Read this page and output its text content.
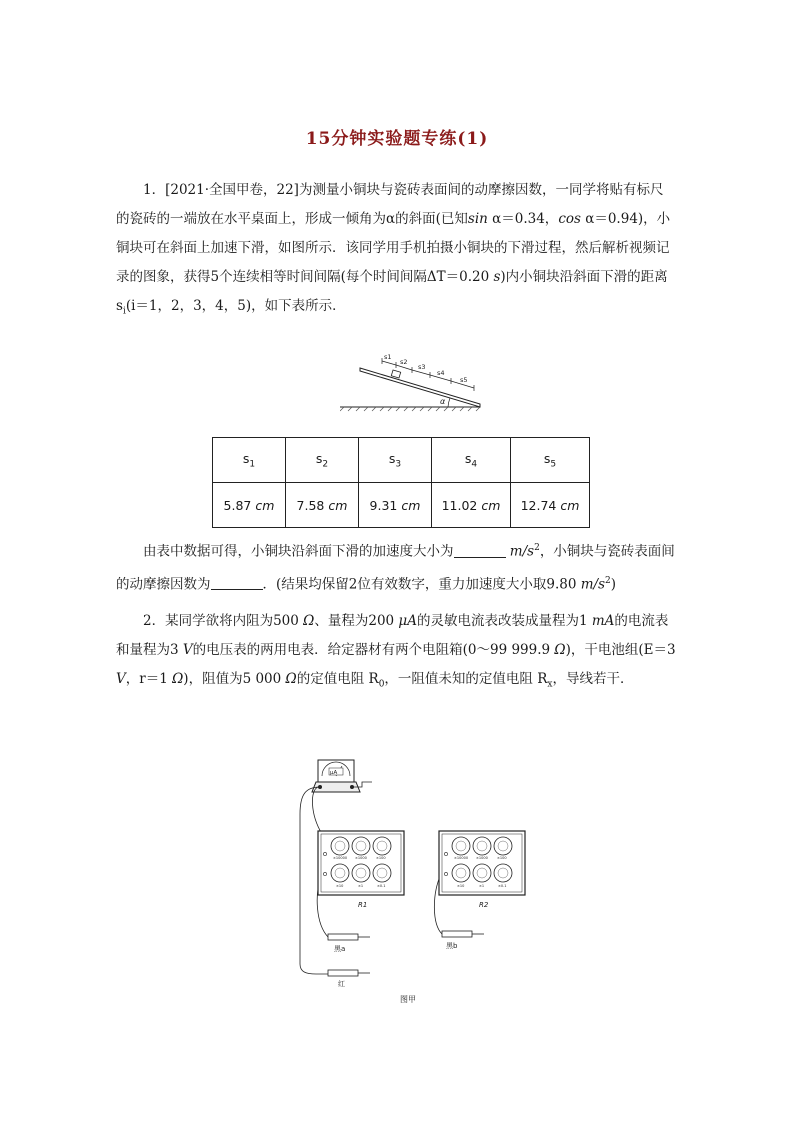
15分钟实验题专练(1)
1．[2021·全国甲卷，22]为测量小铜块与瓷砖表面间的动摩擦因数，一同学将贴有标尺的瓷砖的一端放在水平桌面上，形成一倾角为α的斜面(已知sin α＝0.34，cos α＝0.94)，小铜块可在斜面上加速下滑，如图所示．该同学用手机拍摄小铜块的下滑过程，然后解析视频记录的图象，获得5个连续相等时间间隔(每个时间间隔ΔT＝0.20 s)内小铜块沿斜面下滑的距离 $s_i(i=1$，2，3，4，5)，如下表所示．
s1
s2
s3
s4
s5
α
$s_1$	$s_2$	$s_3$	$s_4$	$s_5$
5.87 cm	7.58 cm	9.31 cm	11.02 cm	12.74 cm
由表中数据可得，小铜块沿斜面下滑的加速度大小为	$m/s^2$，小铜块与瓷砖表面间的动摩擦因数为	．(结果均保留2位有效数字，重力加速度大小取9.80 $m/s^2$)
2．某同学欲将内阻为500 Ω、量程为200 μA的灵敏电流表改装成量程为1 mA的电流表和量程为3 V的电压表的两用电表．给定器材有两个电阻箱(0～99 999.9 Ω)，干电池组(E＝3 V，r＝1 Ω)，阻值为5 000 Ω的定值电阻 $R_0$，一阻值未知的定值电阻 $R_x$，导线若干．
μA
×10000 ×1000	×100
×10	×1	×0.1
R1
×10000 ×1000	×100
×10	×1	×0.1
R2
黑a	黑b
红
图甲
